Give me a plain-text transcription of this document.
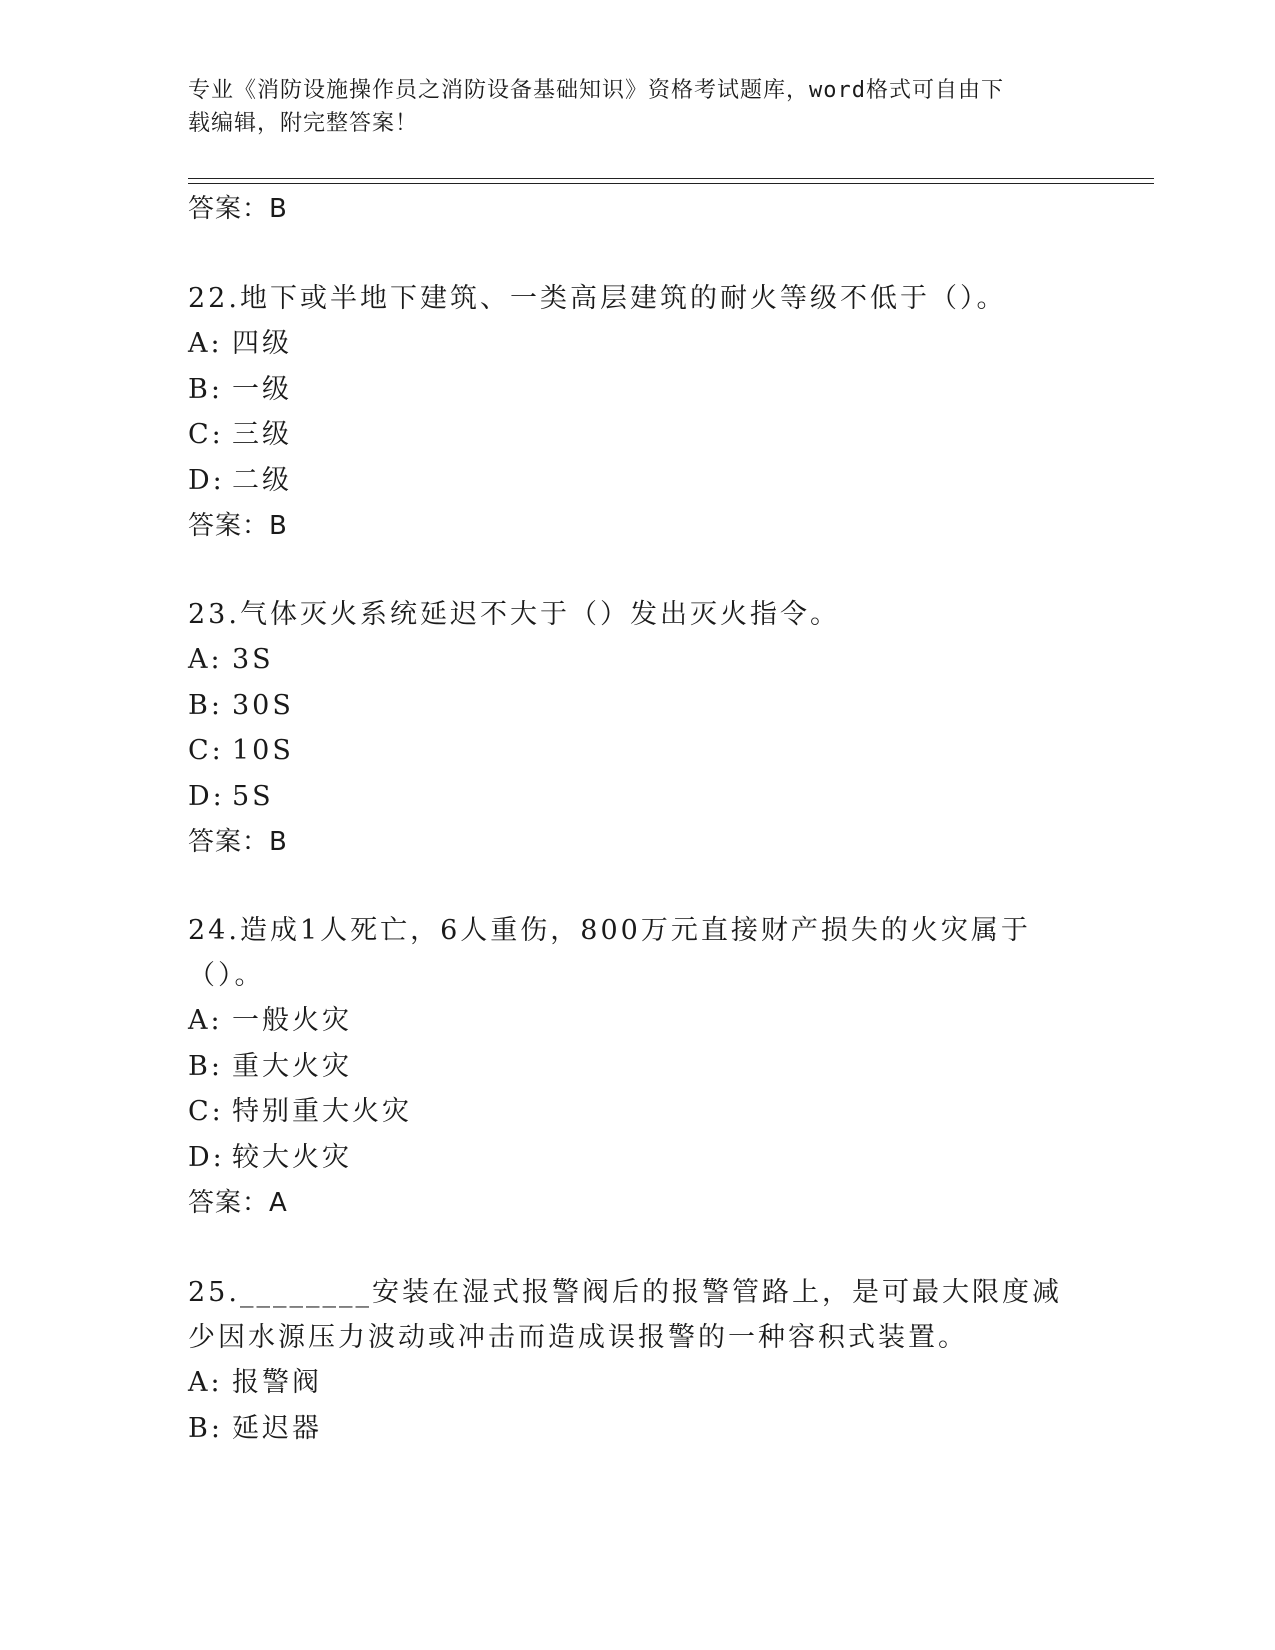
专业《消防设施操作员之消防设备基础知识》资格考试题库，word格式可自由下
载编辑，附完整答案！
答案：B
22.地下或半地下建筑、一类高层建筑的耐火等级不低于（）。
A: 四级
B: 一级
C: 三级
D: 二级
答案：B
23.气体灭火系统延迟不大于（）发出灭火指令。
A: 3S
B: 30S
C: 10S
D: 5S
答案：B
24.造成1人死亡，6人重伤，800万元直接财产损失的火灾属于（）。
A: 一般火灾
B: 重大火灾
C: 特别重大火灾
D: 较大火灾
答案：A
25.________安装在湿式报警阀后的报警管路上，是可最大限度减少因水源压力波动或冲击而造成误报警的一种容积式装置。
A: 报警阀
B: 延迟器
